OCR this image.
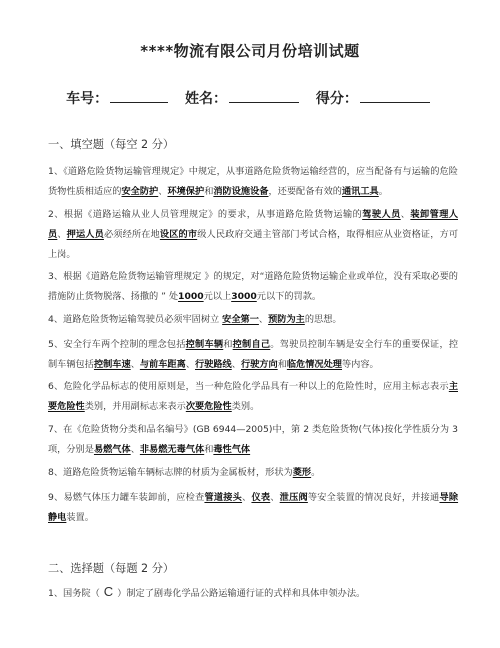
****物流有限公司月份培训试题
车号：	姓名：	得分：
一、填空题（每空 2 分）
1、《道路危险货物运输管理规定》中规定，从事道路危险货物运输经营的，应当配备有与运输的危险货物性质相适应的安全防护、环境保护和消防设施设备，还要配备有效的通讯工具。
2、根据《道路运输从业人员管理规定》的要求，从事道路危险货物运输的驾驶人员、装卸管理人员、押运人员必须经所在地设区的市级人民政府交通主管部门考试合格，取得相应从业资格证，方可上岗。
3、根据《道路危险货物运输管理规定 》的规定，对“道路危险货物运输企业或单位，没有采取必要的措施防止货物脱落、扬撒的 ” 处1000元以上3000元以下的罚款。
4、道路危险货物运输驾驶员必须牢固树立 安全第一、预防为主的思想。
5、安全行车两个控制的理念包括控制车辆和控制自己。驾驶员控制车辆是安全行车的重要保证，控制车辆包括控制车速、与前车距离、行驶路线、行驶方向和临危情况处理等内容。
6、危险化学品标志的使用原则是，当一种危险化学品具有一种以上的危险性时，应用主标志表示主要危险性类别，并用副标志来表示次要危险性类别。
7、在《危险货物分类和品名编号》(GB 6944—2005)中，第 2 类危险货物(气体)按化学性质分为 3 项，分别是易燃气体、非易燃无毒气体和毒性气体
8、道路危险货物运输车辆标志牌的材质为金属板材，形状为菱形。
9、易燃气体压力罐车装卸前，应检查管道接头、仪表、泄压阀等安全装置的情况良好，并接通导除静电装置。
二、选择题（每题 2 分）
1、国务院（ C ）制定了剧毒化学品公路运输通行证的式样和具体申领办法。
